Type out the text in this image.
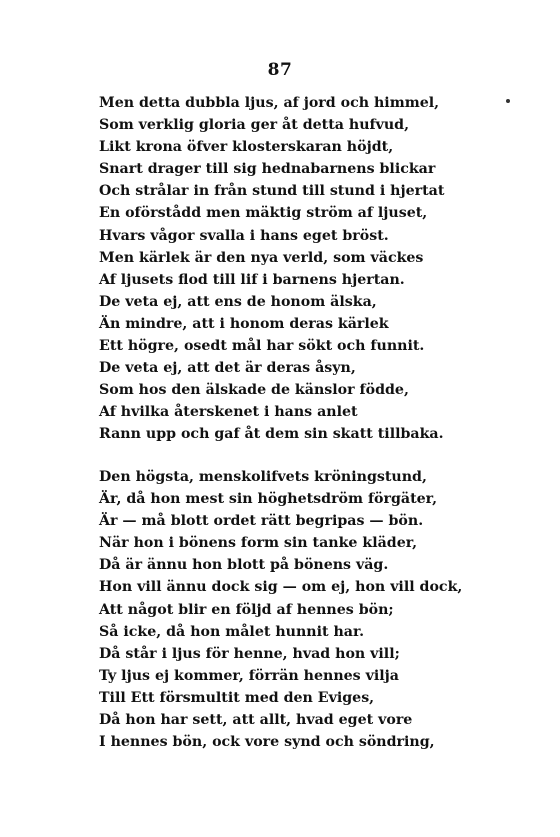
87
Men detta dubbla ljus, af jord och himmel,
Som verklig gloria ger åt detta hufvud,
Likt krona öfver klosterskaran höjdt,
Snart drager till sig hednabarnens blickar
Och strålar in från stund till stund i hjertat
En oförstådd men mäktig ström af ljuset,
Hvars vågor svalla i hans eget bröst.
Men kärlek är den nya verld, som väckes
Af ljusets flod till lif i barnens hjertan.
De veta ej, att ens de honom älska,
Än mindre, att i honom deras kärlek
Ett högre, osedt mål har sökt och funnit.
De veta ej, att det är deras åsyn,
Som hos den älskade de känslor födde,
Af hvilka återskenet i hans anlet
Rann upp och gaf åt dem sin skatt tillbaka.
Den högsta, menskolifvets kröningstund,
Är, då hon mest sin höghetsdröm förgäter,
Är — må blott ordet rätt begripas — bön.
När hon i bönens form sin tanke kläder,
Då är ännu hon blott på bönens väg.
Hon vill ännu dock sig — om ej, hon vill dock,
Att något blir en följd af hennes bön;
Så icke, då hon målet hunnit har.
Då står i ljus för henne, hvad hon vill;
Ty ljus ej kommer, förrän hennes vilja
Till Ett försmultit med den Eviges,
Då hon har sett, att allt, hvad eget vore
I hennes bön, ock vore synd och söndring,
